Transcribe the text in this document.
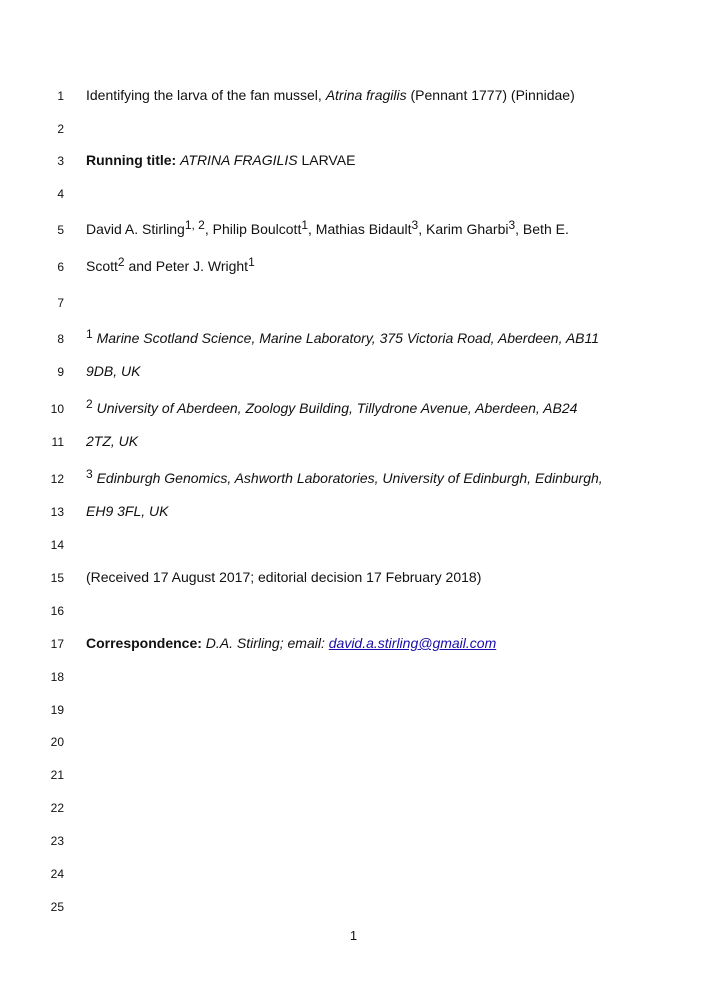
1 Identifying the larva of the fan mussel, Atrina fragilis (Pennant 1777) (Pinnidae)
2
3 Running title: ATRINA FRAGILIS LARVAE
4
5 David A. Stirling$^{1, 2}$, Philip Boulcott$^1$, Mathias Bidault$^3$, Karim Gharbi$^3$, Beth E.
6 Scott$^2$ and Peter J. Wright$^1$
7
8 $^1$ Marine Scotland Science, Marine Laboratory, 375 Victoria Road, Aberdeen, AB11
9 9DB, UK
10 $^2$ University of Aberdeen, Zoology Building, Tillydrone Avenue, Aberdeen, AB24
11 2TZ, UK
12 $^3$ Edinburgh Genomics, Ashworth Laboratories, University of Edinburgh, Edinburgh,
13 EH9 3FL, UK
14
15 (Received 17 August 2017; editorial decision 17 February 2018)
16
17 Correspondence: D.A. Stirling; email: david.a.stirling@gmail.com
18
19
20
21
22
23
24
25
1
